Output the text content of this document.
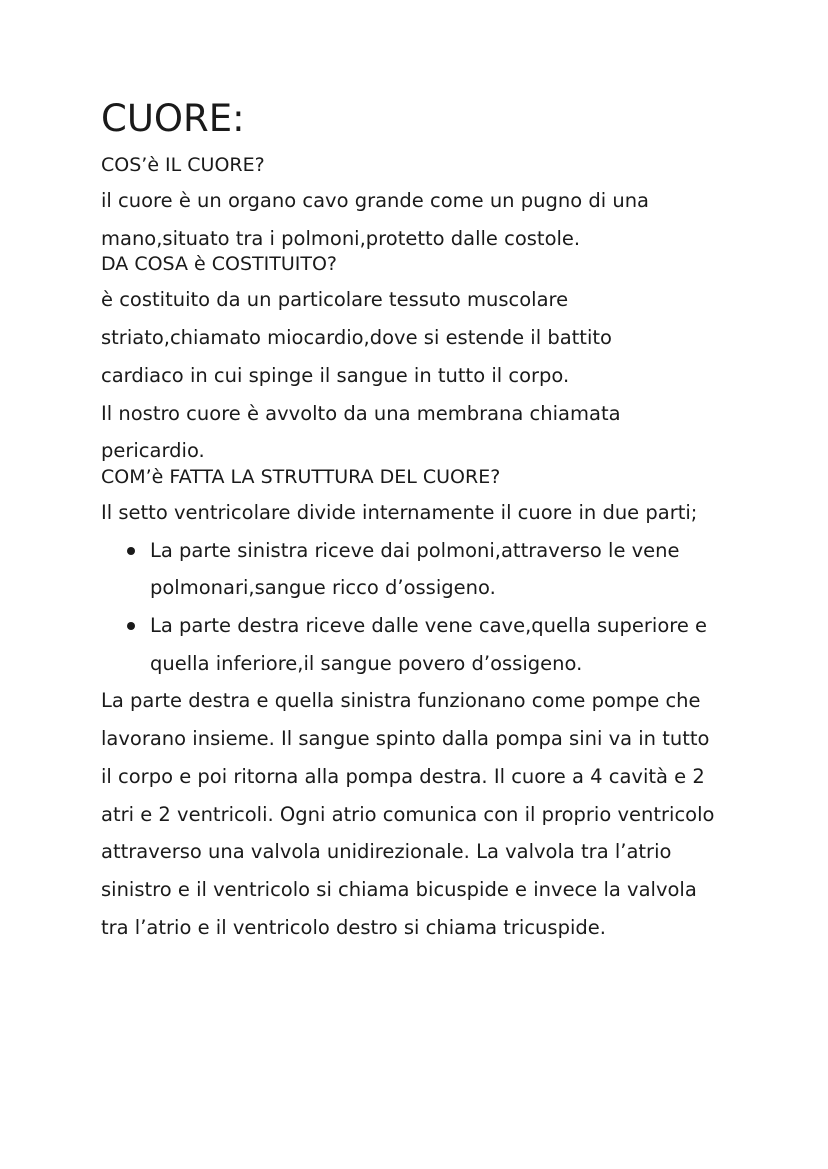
CUORE:
COS’è IL CUORE?

il cuore è un organo cavo grande come un pugno di una mano,situato tra i polmoni,protetto dalle costole.

DA COSA è COSTITUITO?

è costituito da un particolare tessuto muscolare striato,chiamato miocardio,dove si estende il battito cardiaco in cui spinge il sangue in tutto il corpo.

Il nostro cuore è avvolto da una membrana chiamata pericardio.

COM’è FATTA LA STRUTTURA DEL CUORE?

Il setto ventricolare divide internamente il cuore in due parti;

La parte sinistra riceve dai polmoni,attraverso le vene polmonari,sangue ricco d’ossigeno.
La parte destra riceve dalle vene cave,quella superiore e quella inferiore,il sangue povero d’ossigeno.

La parte destra e quella sinistra funzionano come pompe che lavorano insieme. Il sangue spinto dalla pompa sini va in tutto il corpo e poi ritorna alla pompa destra. Il cuore a 4 cavità e 2 atri e 2 ventricoli. Ogni atrio comunica con il proprio ventricolo attraverso una valvola unidirezionale. La valvola tra l’atrio sinistro e il ventricolo si chiama bicuspide e invece la valvola tra l’atrio e il ventricolo destro si chiama tricuspide.
